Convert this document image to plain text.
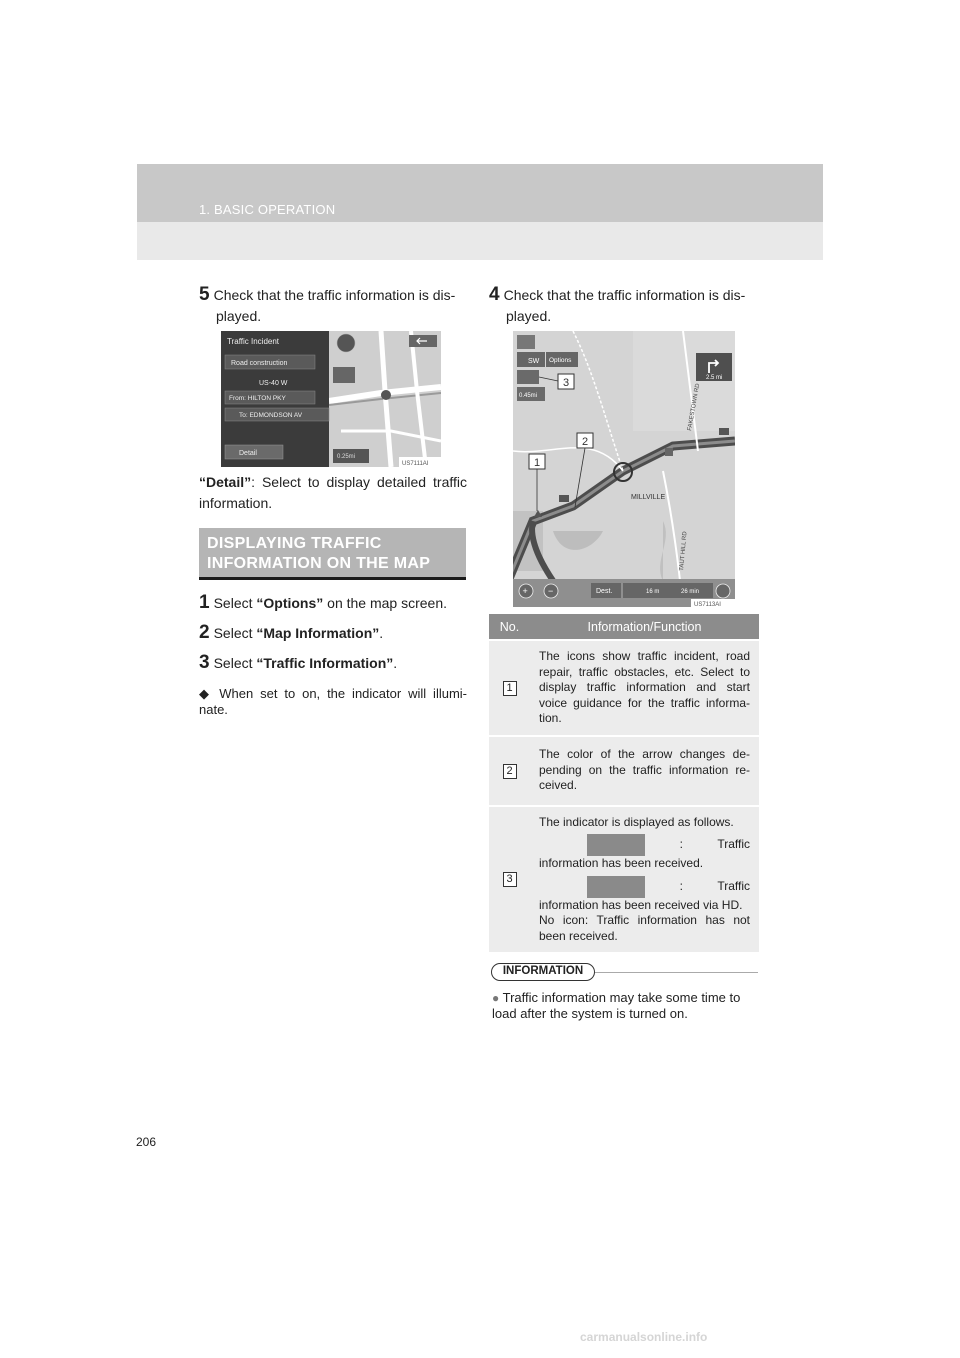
1. BASIC OPERATION
5 Check that the traffic information is dis-
played.
Traffic Incident
Road construction
US-40 W
From: HILTON PKY
To: EDMONDSON AV
Detail	0.25mi
US7111AI
“Detail”: Select to display detailed traffic information.
DISPLAYING TRAFFIC
INFORMATION ON THE MAP
1 Select “Options” on the map screen.
2 Select “Map Information”.
3 Select “Traffic Information”.
◆ When set to on, the indicator will illumi- nate.
4 Check that the traffic information is dis-
played.
MILLVILLE
FAKESTOWN RD
TAUT HILL RD
SW Options
0.45mi
3
2
1
2.5 mi
+ −	Dest.	16 m	26 min
US7113AI
No.	Information/Function
1	The icons show traffic incident, road repair, traffic obstacles, etc. Select to display traffic information and start voice guidance for the traffic informa- tion.
2	The color of the arrow changes de- pending on the traffic information re- ceived.
3	The indicator is displayed as follows.
: Traffic information has been received.
: Traffic information has been received via HD.
No icon: Traffic information has not been received.
INFORMATION
● Traffic information may take some time to load after the system is turned on.
206
carmanualsonline.info
